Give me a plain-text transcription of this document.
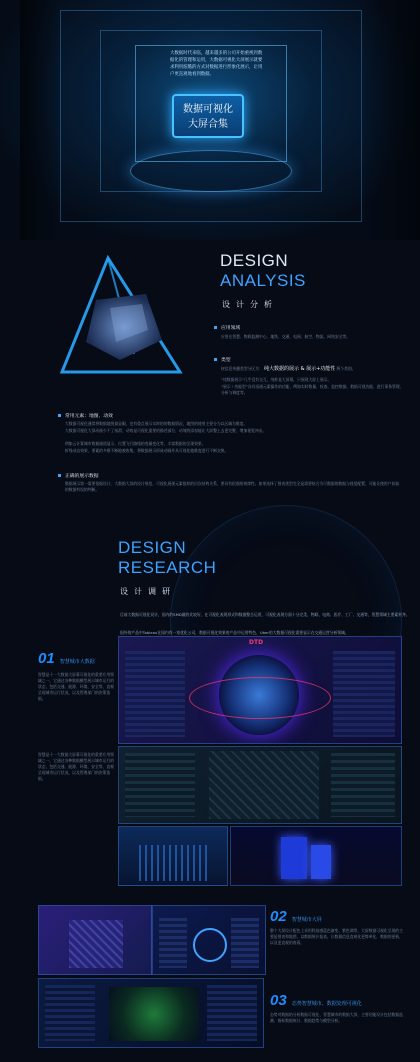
大数据时代来临，越来越多的公司开始重视到数据化的管理和运用，大数据可视化大屏展示就要求利用炫酷的方式对数据进行形象化展示，让用户更直观地看到数据。
数据可视化
大屏合集
DESIGN
ANALYSIS
设计分析
应用领域
应用在智慧、物联监测中心、地铁、交通、电网、航空、物流、网络安全等。
类型
按信息传播类型分区为： 纯大数据的展示 & 展示+功能性 两个类别。
“纯数据展示”几乎没有交互，纯粹是大屏幕，只展现大屏上展示。
“展示＋功能型”具有再通元素操作的功能，例如实时数量、检查、监控数据、数据可视功能、进行事务管理、分析与调度等。
常用元素：地图、动效
大数据可视化通常将数据地图最显眼，也有重点展示实时的的数据情况，地图的使用主要分为以区域为维度。
大数据可视化大屏动画少不了丝滑，动效是可视化重要的描述部分，动效的添加能让大屏整上去更完整，增加视觉冲击。
例如云计算城市数据通道显示，位置飞行路线的变量变化等，丰富数据的呈现效果。
折线动态效果，要素的多维不断地被收集，将数据展示形成动画并从可视化地维度进行不断交换。
正确的展示数据
数据展示第一需要依据设计，大数据大屏的设计规范，可视化展现元素组织的层次结构关系，要具有很强的规律性。如果选择了图表类型完全是需要结合为可数据的数据与视觉配置，可能让使用户获取的数据有误的判断。
DESIGN
RESEARCH
设计调研
目前大数据可视化设计，国内的SMD做的比较好，在可视化表现形式和数据整合运用，可视化表现方面十分完美，物联、电商、医疗、工厂、交通等，智慧领域主要素材齐。
国外的产品中Tableau在国内有一家优化公司，数据可视化效果的产品中运用特色，Uber的大数据可视化需要显示在交通运营分析领域。
01 智慧城市大数据
智慧是十一大数据大屏幕可视化的重要应用领域之一，它通过各种数据模型展示城市运行的状态，包括交通、能源、环境、安全等，直观呈现城市运行状况，以及管理部门的决策依据。
DTD
智慧是十一大数据大屏幕可视化的重要应用领域之一，它通过各种数据模型展示城市运行的状态，包括交通、能源、环境、安全等，直观呈现城市运行状况，以及管理部门的决策依据。
02 智慧城市大屏
整个大屏设计配色上采用科技感蓝色渐变、紫色调等，大屏数据可视化呈现的主要是图表和地图，以数据统计报表，让数据信息直观化更简单化，数据的更新，以及更直观的查看。
03 态势智慧城市、数据处理可视化
态势对数据的分析数据可视化、智慧城市的数据大屏，主要功能设计包括数据监测、指标数据统计、数据趋势与模型分析。
